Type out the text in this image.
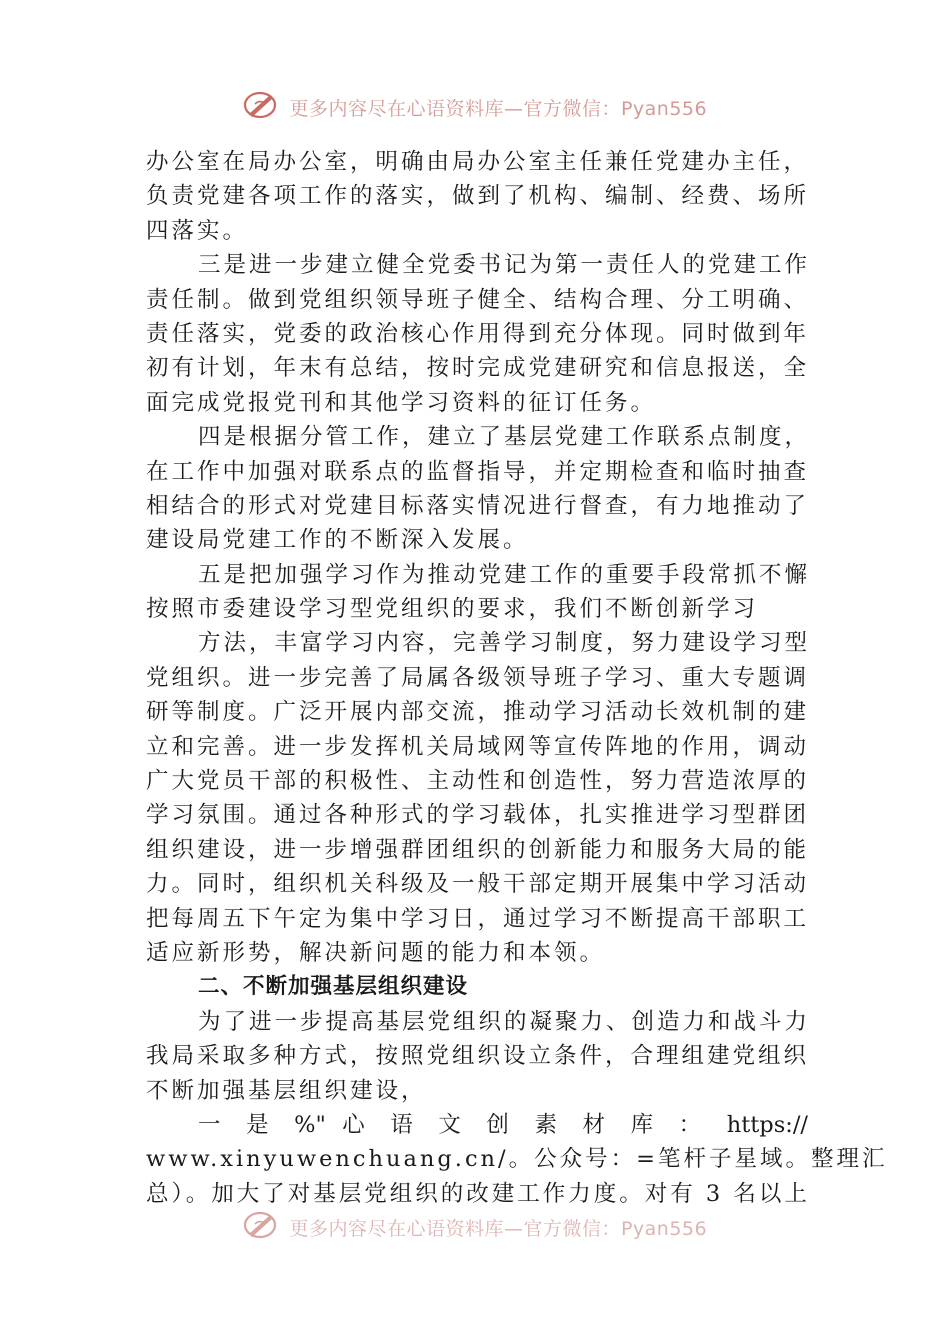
更多内容尽在心语资料库—官方微信：Pyan556
办公室在局办公室，明确由局办公室主任兼任党建办主任，
负责党建各项工作的落实，做到了机构、编制、经费、场所
四落实。
三是进一步建立健全党委书记为第一责任人的党建工作
责任制。做到党组织领导班子健全、结构合理、分工明确、
责任落实，党委的政治核心作用得到充分体现。同时做到年
初有计划，年末有总结，按时完成党建研究和信息报送，全
面完成党报党刊和其他学习资料的征订任务。
四是根据分管工作，建立了基层党建工作联系点制度，
在工作中加强对联系点的监督指导，并定期检查和临时抽查
相结合的形式对党建目标落实情况进行督查，有力地推动了
建设局党建工作的不断深入发展。
五是把加强学习作为推动党建工作的重要手段常抓不懈
按照市委建设学习型党组织的要求，我们不断创新学习
方法，丰富学习内容，完善学习制度，努力建设学习型
党组织。进一步完善了局属各级领导班子学习、重大专题调
研等制度。广泛开展内部交流，推动学习活动长效机制的建
立和完善。进一步发挥机关局域网等宣传阵地的作用，调动
广大党员干部的积极性、主动性和创造性，努力营造浓厚的
学习氛围。通过各种形式的学习载体，扎实推进学习型群团
组织建设，进一步增强群团组织的创新能力和服务大局的能
力。同时，组织机关科级及一般干部定期开展集中学习活动
把每周五下午定为集中学习日，通过学习不断提高干部职工
适应新形势，解决新问题的能力和本领。
二、不断加强基层组织建设
为了进一步提高基层党组织的凝聚力、创造力和战斗力
我局采取多种方式，按照党组织设立条件，合理组建党组织
不断加强基层组织建设，
一 是 %" 心 语 文 创 素 材 库 ： https://
www.xinyuwenchuang.cn/。公众号：=笔杆子星域。整理汇
总）。加大了对基层党组织的改建工作力度。对有 3 名以上
更多内容尽在心语资料库—官方微信：Pyan556
